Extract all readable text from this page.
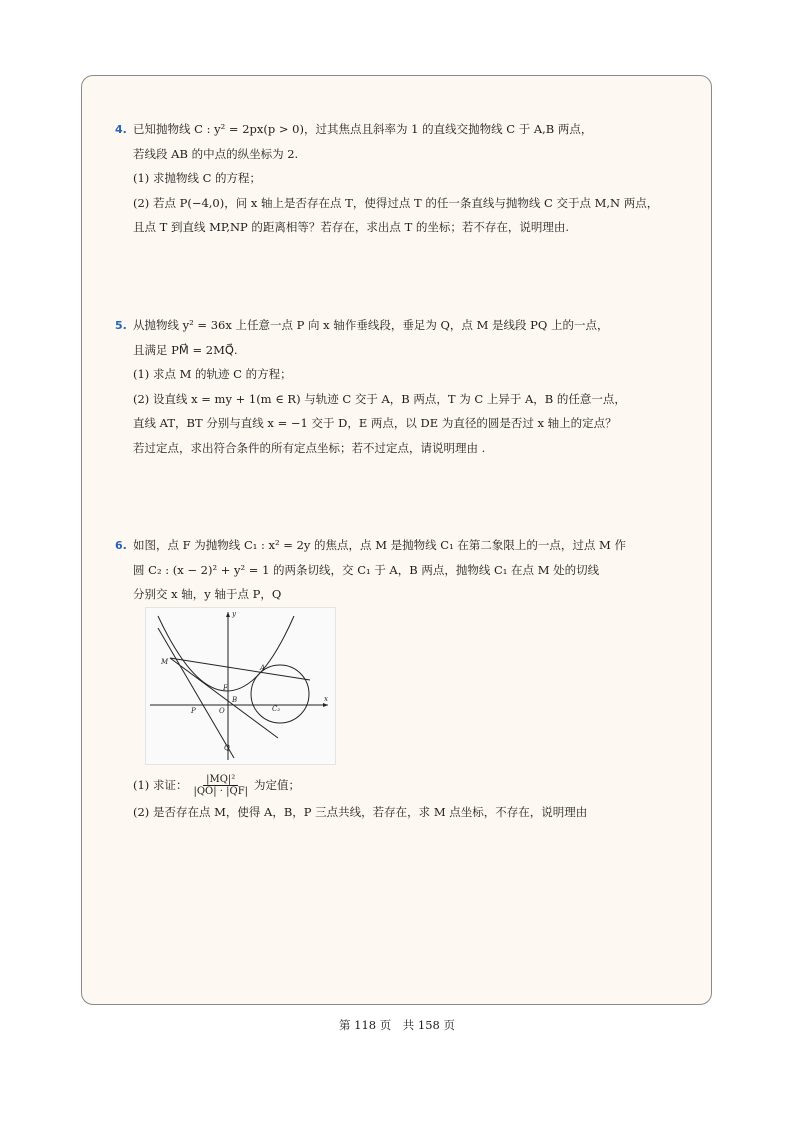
4. 已知抛物线 C : y² = 2px(p > 0)，过其焦点且斜率为 1 的直线交抛物线 C 于 A,B 两点，
若线段 AB 的中点的纵坐标为 2.
(1) 求抛物线 C 的方程；
(2) 若点 P(−4,0)，问 x 轴上是否存在点 T，使得过点 T 的任一条直线与抛物线 C 交于点 M,N 两点，
且点 T 到直线 MP,NP 的距离相等？若存在，求出点 T 的坐标；若不存在，说明理由.
5. 从抛物线 y² = 36x 上任意一点 P 向 x 轴作垂线段，垂足为 Q，点 M 是线段 PQ 上的一点，
且满足 PM⃗ = 2MQ⃗.
(1) 求点 M 的轨迹 C 的方程；
(2) 设直线 x = my + 1(m ∈ R) 与轨迹 C 交于 A，B 两点，T 为 C 上异于 A，B 的任意一点，
直线 AT，BT 分别与直线 x = −1 交于 D，E 两点，以 DE 为直径的圆是否过 x 轴上的定点？
若过定点，求出符合条件的所有定点坐标；若不过定点，请说明理由 .
6. 如图，点 F 为抛物线 C₁ : x² = 2y 的焦点，点 M 是抛物线 C₁ 在第二象限上的一点，过点 M 作
圆 C₂ : (x − 2)² + y² = 1 的两条切线，交 C₁ 于 A，B 两点，抛物线 C₁ 在点 M 处的切线
分别交 x 轴，y 轴于点 P，Q
y
x
M
A
F
B
P	O	C₂
Q
(1) 求证： $\frac{\text{|MQ|²}}{|QO| \cdot |QF|}$ 为定值；
(2) 是否存在点 M，使得 A，B，P 三点共线，若存在，求 M 点坐标，不存在，说明理由
第 118 页　共 158 页
